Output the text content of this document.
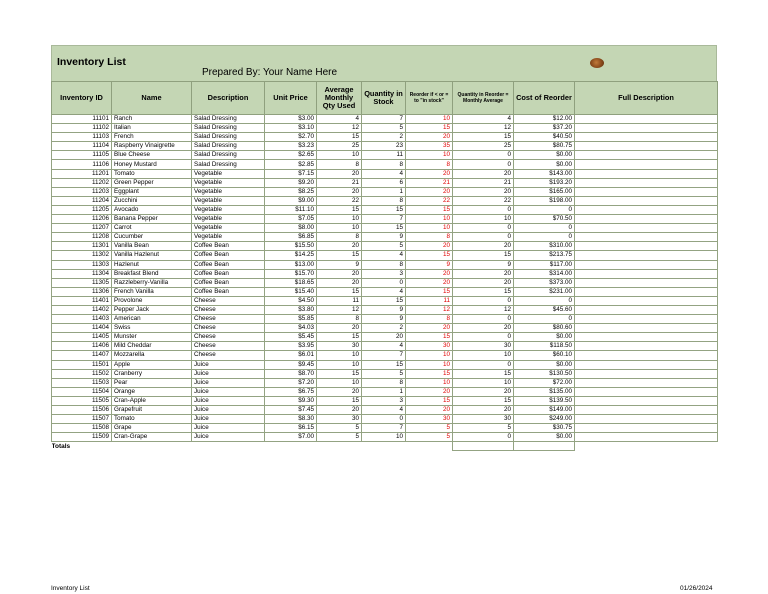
Inventory List
Prepared By: Your Name Here
Inventory ID	Name	Description	Unit Price	Average Monthly Qty Used	Quantity in Stock	Reorder if < or = to "in stock"	Quantity in Reorder = Monthly Average	Cost of Reorder	Full Description
11101	Ranch	Salad Dressing	$3.00	4	7	10	4	$12.00	
11102	Italian	Salad Dressing	$3.10	12	5	15	12	$37.20	
11103	French	Salad Dressing	$2.70	15	2	20	15	$40.50	
11104	Raspberry Vinaigrette	Salad Dressing	$3.23	25	23	35	25	$80.75	
11105	Blue Cheese	Salad Dressing	$2.65	10	11	10	0	$0.00	
11106	Honey Mustard	Salad Dressing	$2.85	8	8	8	0	$0.00	
11201	Tomato	Vegetable	$7.15	20	4	20	20	$143.00	
11202	Green Pepper	Vegetable	$9.20	21	6	21	21	$193.20	
11203	Eggplant	Vegetable	$8.25	20	1	20	20	$165.00	
11204	Zucchini	Vegetable	$9.00	22	8	22	22	$198.00	
11205	Avocado	Vegetable	$11.10	15	15	15	0	0	
11206	Banana Pepper	Vegetable	$7.05	10	7	10	10	$70.50	
11207	Carrot	Vegetable	$8.00	10	15	10	0	0	
11208	Cucumber	Vegetable	$6.85	8	9	8	0	0	
11301	Vanilla Bean	Coffee Bean	$15.50	20	5	20	20	$310.00	
11302	Vanilla Hazlenut	Coffee Bean	$14.25	15	4	15	15	$213.75	
11303	Hazlenut	Coffee Bean	$13.00	9	8	9	9	$117.00	
11304	Breakfast Blend	Coffee Bean	$15.70	20	3	20	20	$314.00	
11305	Razzleberry-Vanilla	Coffee Bean	$18.65	20	0	20	20	$373.00	
11306	French Vanilla	Coffee Bean	$15.40	15	4	15	15	$231.00	
11401	Provolone	Cheese	$4.50	11	15	11	0	0	
11402	Pepper Jack	Cheese	$3.80	12	9	12	12	$45.60	
11403	American	Cheese	$5.85	8	9	8	0	0	
11404	Swiss	Cheese	$4.03	20	2	20	20	$80.60	
11405	Munster	Cheese	$5.45	15	20	15	0	$0.00	
11406	Mild Cheddar	Cheese	$3.95	30	4	30	30	$118.50	
11407	Mozzarella	Cheese	$6.01	10	7	10	10	$60.10	
11501	Apple	Juice	$9.45	10	15	10	0	$0.00	
11502	Cranberry	Juice	$8.70	15	5	15	15	$130.50	
11503	Pear	Juice	$7.20	10	8	10	10	$72.00	
11504	Orange	Juice	$6.75	20	1	20	20	$135.00	
11505	Cran-Apple	Juice	$9.30	15	3	15	15	$139.50	
11506	Grapefruit	Juice	$7.45	20	4	20	20	$149.00	
11507	Tomato	Juice	$8.30	30	0	30	30	$249.00	
11508	Grape	Juice	$6.15	5	7	5	5	$30.75	
11509	Cran-Grape	Juice	$7.00	5	10	5	0	$0.00	
Totals									
Inventory List	01/26/2024
